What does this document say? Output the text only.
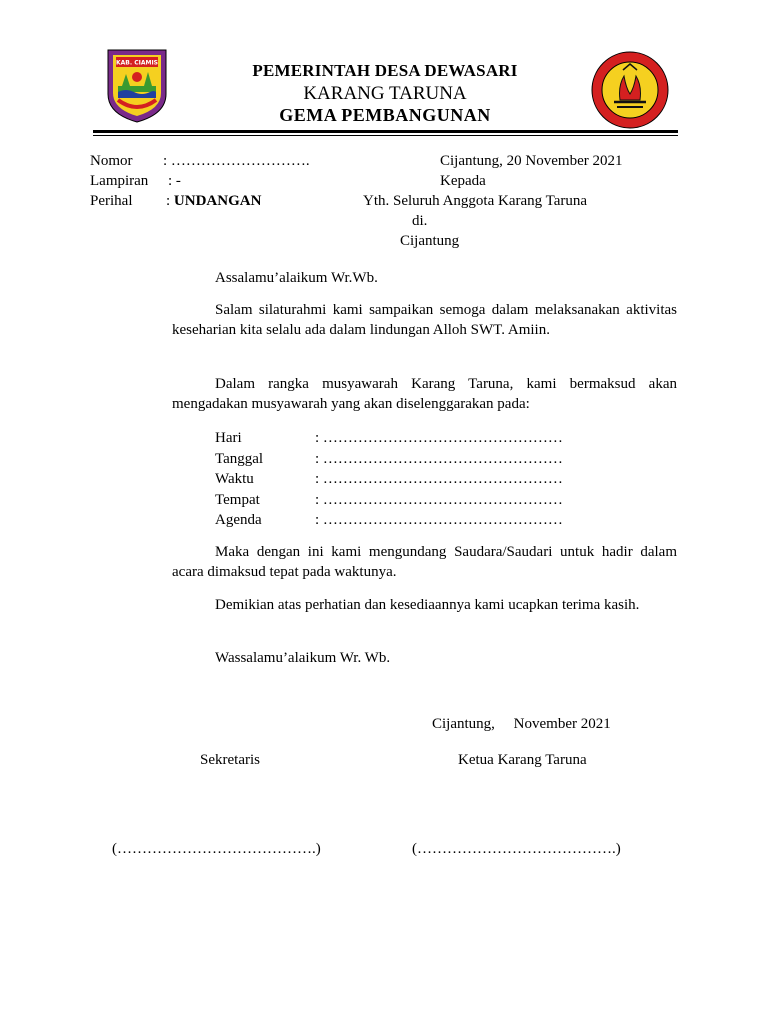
KAB. CIAMIS	PEMERINTAH DESA DEWASARI
KARANG TARUNA
GEMA PEMBANGUNAN
Nomor : ……………………….
Lampiran : -
Perihal : UNDANGAN
Cijantung, 20 November 2021
Kepada
Yth. Seluruh Anggota Karang Taruna
di.
Cijantung
Assalamu’alaikum Wr.Wb.
Salam silaturahmi kami sampaikan semoga dalam melaksanakan aktivitas keseharian kita selalu ada dalam lindungan Alloh SWT. Amiin.
Dalam rangka musyawarah Karang Taruna, kami bermaksud akan mengadakan musyawarah yang akan diselenggarakan pada:
Hari	: …………………………………………
Tanggal	: …………………………………………
Waktu	: …………………………………………
Tempat	: …………………………………………
Agenda	: …………………………………………
Maka dengan ini kami mengundang Saudara/Saudari untuk hadir dalam acara dimaksud tepat pada waktunya.
Demikian atas perhatian dan kesediaannya kami ucapkan terima kasih.
Wassalamu’alaikum Wr. Wb.
Cijantung,     November 2021
Sekretaris	Ketua Karang Taruna
(………………………………….)	(………………………………….)
